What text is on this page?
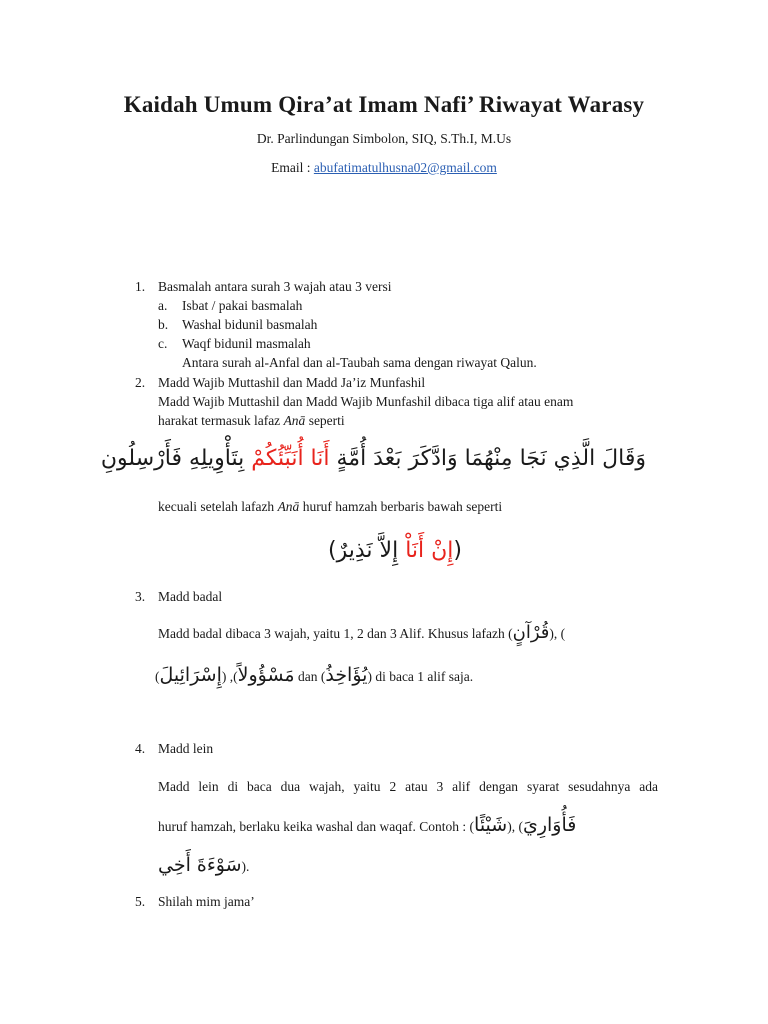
Kaidah Umum Qira’at Imam Nafi’ Riwayat Warasy
Dr. Parlindungan Simbolon, SIQ, S.Th.I, M.Us
Email : abufatimatulhusna02@gmail.com
1. Basmalah antara surah 3 wajah atau 3 versi
a. Isbat / pakai basmalah
b. Washal bidunil basmalah
c. Waqf bidunil masmalah
Antara surah al-Anfal dan al-Taubah sama dengan riwayat Qalun.
2. Madd Wajib Muttashil dan Madd Ja’iz Munfashil
Madd Wajib Muttashil dan Madd Wajib Munfashil dibaca tiga alif atau enam
harakat termasuk lafaz Anā seperti
وَقَالَ الَّذِي نَجَا مِنْهُمَا وَادَّكَرَ بَعْدَ أُمَّةٍ أَنَا أُنَبِّئُكُمْ بِتَأْوِيلِهِ فَأَرْسِلُونِ
kecuali setelah lafazh Anā huruf hamzah berbaris bawah seperti
(إِنْ أَنَاْ إِلاَّ نَذِيرٌ)
3. Madd badal
Madd badal dibaca 3 wajah, yaitu 1, 2 dan 3 Alif. Khusus lafazh (قُرْآنٍ), (
مَسْؤُولاً), (إِسْرَائِيلَ) dan (يُؤَاخِذُ) di baca 1 alif saja.
4. Madd lein
Madd lein di baca dua wajah, yaitu 2 atau 3 alif dengan syarat sesudahnya ada
huruf hamzah, berlaku keika washal dan waqaf. Contoh : (شَيْئًا), (فَأُوَارِيَ
سَوْءَةَ أَخِي).
5. Shilah mim jama’
